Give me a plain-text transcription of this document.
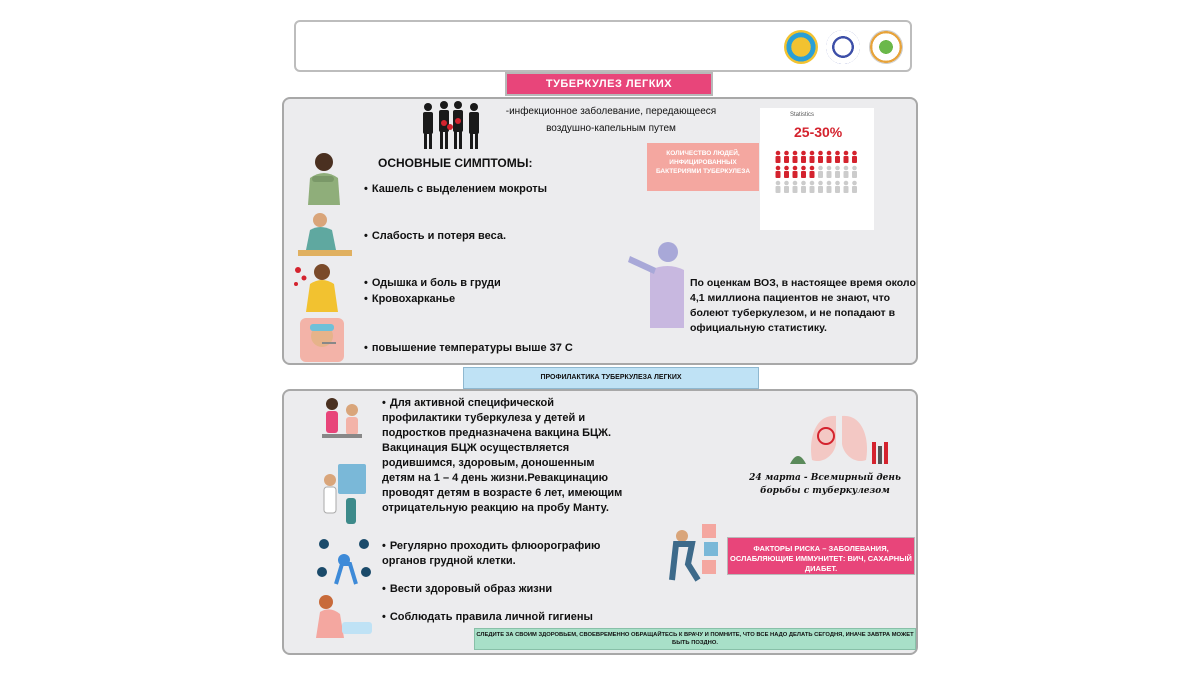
ТУБЕРКУЛЕЗ ЛЕГКИХ
-инфекционное заболевание, передающееся воздушно-капельным путем
ОСНОВНЫЕ СИМПТОМЫ:
• Кашель с выделением мокроты
• Слабость и потеря веса.
• Одышка и боль в груди
• Кровохарканье
• повышение температуры выше 37 С
КОЛИЧЕСТВО ЛЮДЕЙ, ИНФИЦИРОВАННЫХ БАКТЕРИЯМИ ТУБЕРКУЛЕЗА
Statistics
25-30%
По оценкам ВОЗ, в настоящее время около 4,1 миллиона пациентов не знают, что болеют туберкулезом, и не попадают в официальную статистику.
ПРОФИЛАКТИКА ТУБЕРКУЛЕЗА ЛЕГКИХ
• Для активной специфической профилактики туберкулеза у детей и подростков предназначена вакцина БЦЖ. Вакцинация БЦЖ осуществляется родившимся, здоровым, доношенным детям на 1 – 4 день жизни.Ревакцинацию проводят детям в возрасте 6 лет, имеющим отрицательную реакцию на пробу Манту.
• Регулярно проходить флюорографию органов грудной клетки.
• Вести здоровый образ жизни
• Соблюдать правила личной гигиены
24 марта - Всемирный день борьбы с туберкулезом
ФАКТОРЫ РИСКА – ЗАБОЛЕВАНИЯ, ОСЛАБЛЯЮЩИЕ ИММУНИТЕТ: ВИЧ, САХАРНЫЙ ДИАБЕТ.
СЛЕДИТЕ ЗА СВОИМ ЗДОРОВЬЕМ, СВОЕВРЕМЕННО ОБРАЩАЙТЕСЬ К ВРАЧУ И ПОМНИТЕ, ЧТО ВСЕ НАДО ДЕЛАТЬ СЕГОДНЯ, ИНАЧЕ ЗАВТРА МОЖЕТ БЫТЬ ПОЗДНО.
